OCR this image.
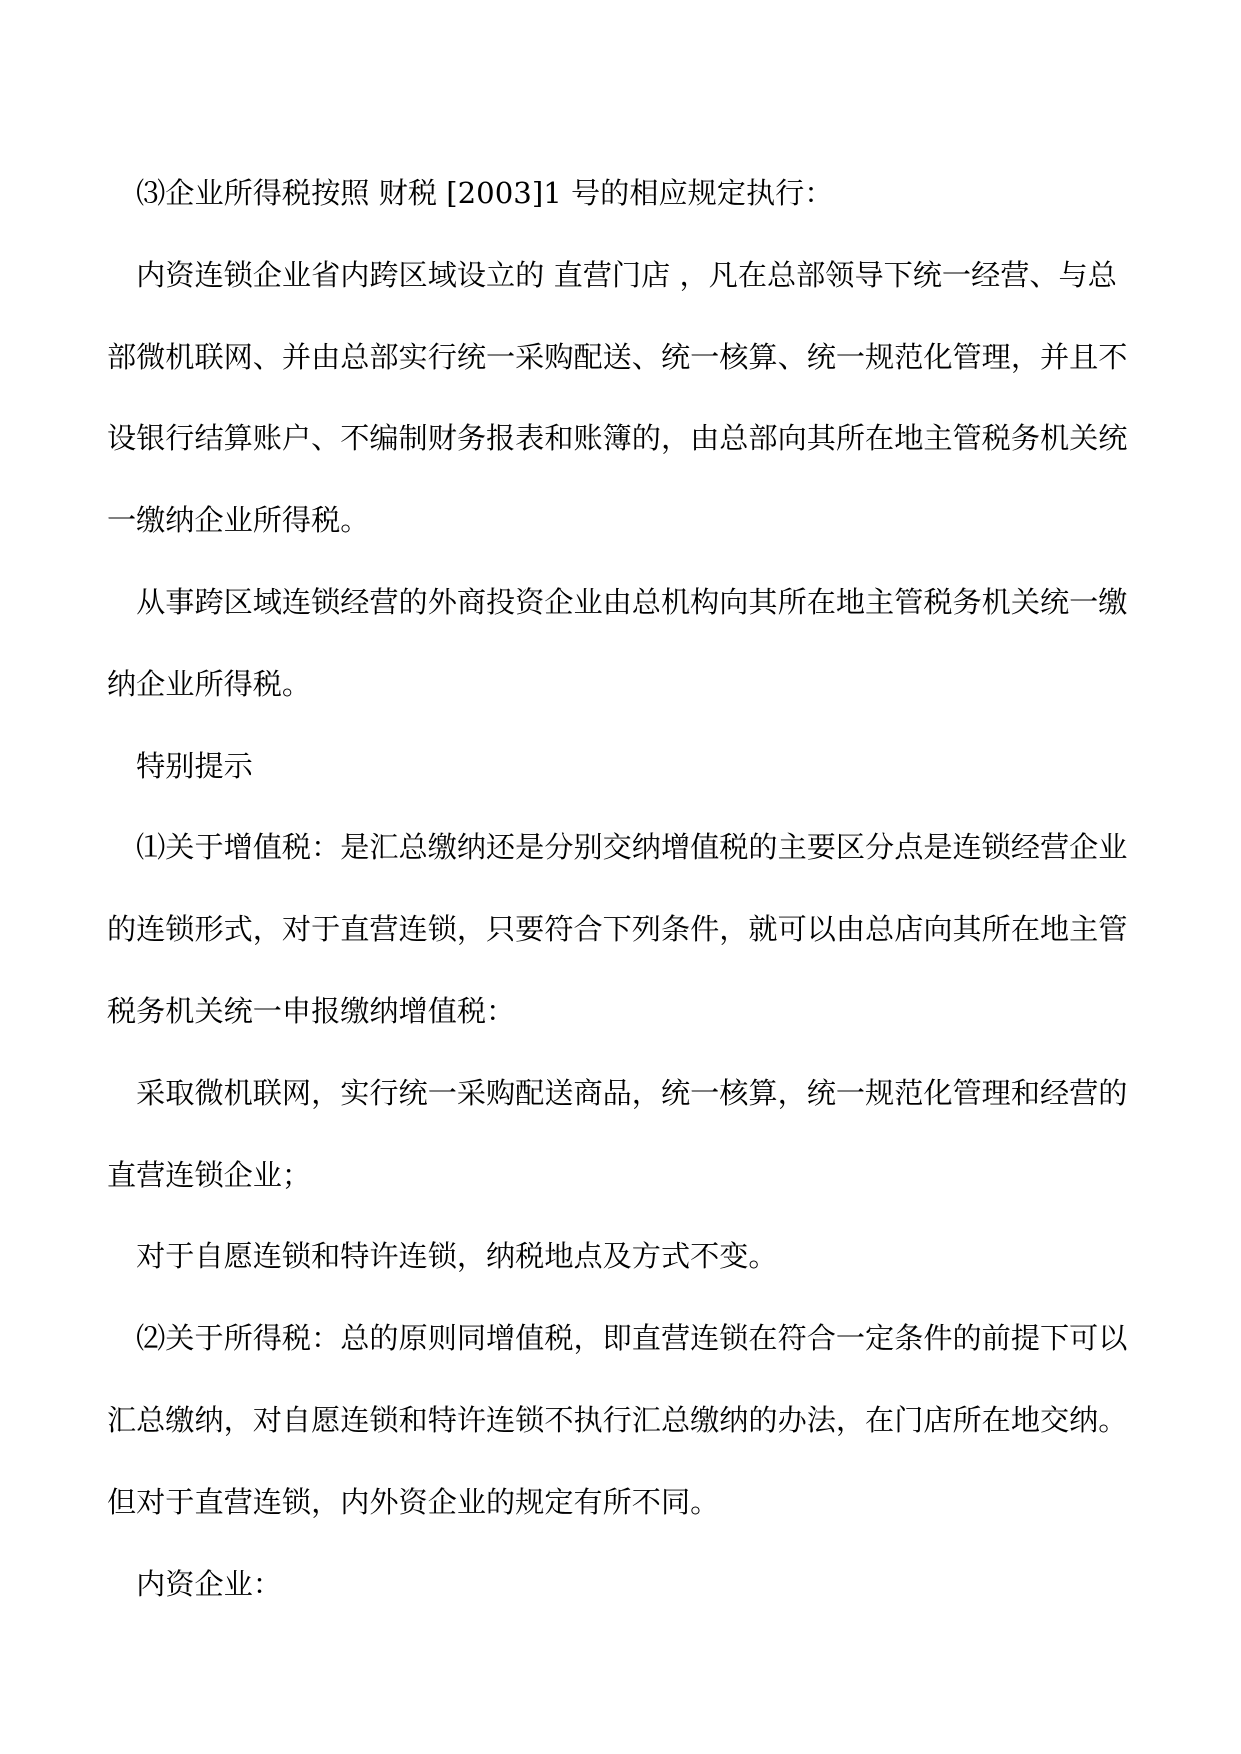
⑶企业所得税按照 财税 [2003]1 号的相应规定执行：
内资连锁企业省内跨区域设立的 直营门店 ，凡在总部领导下统一经营、与总
部微机联网、并由总部实行统一采购配送、统一核算、统一规范化管理，并且不
设银行结算账户、不编制财务报表和账簿的，由总部向其所在地主管税务机关统
一缴纳企业所得税。
从事跨区域连锁经营的外商投资企业由总机构向其所在地主管税务机关统一缴
纳企业所得税。
特别提示
⑴关于增值税：是汇总缴纳还是分别交纳增值税的主要区分点是连锁经营企业
的连锁形式，对于直营连锁，只要符合下列条件，就可以由总店向其所在地主管
税务机关统一申报缴纳增值税：
采取微机联网，实行统一采购配送商品，统一核算，统一规范化管理和经营的
直营连锁企业；
对于自愿连锁和特许连锁，纳税地点及方式不变。
⑵关于所得税：总的原则同增值税，即直营连锁在符合一定条件的前提下可以
汇总缴纳，对自愿连锁和特许连锁不执行汇总缴纳的办法，在门店所在地交纳。
但对于直营连锁，内外资企业的规定有所不同。
内资企业：
